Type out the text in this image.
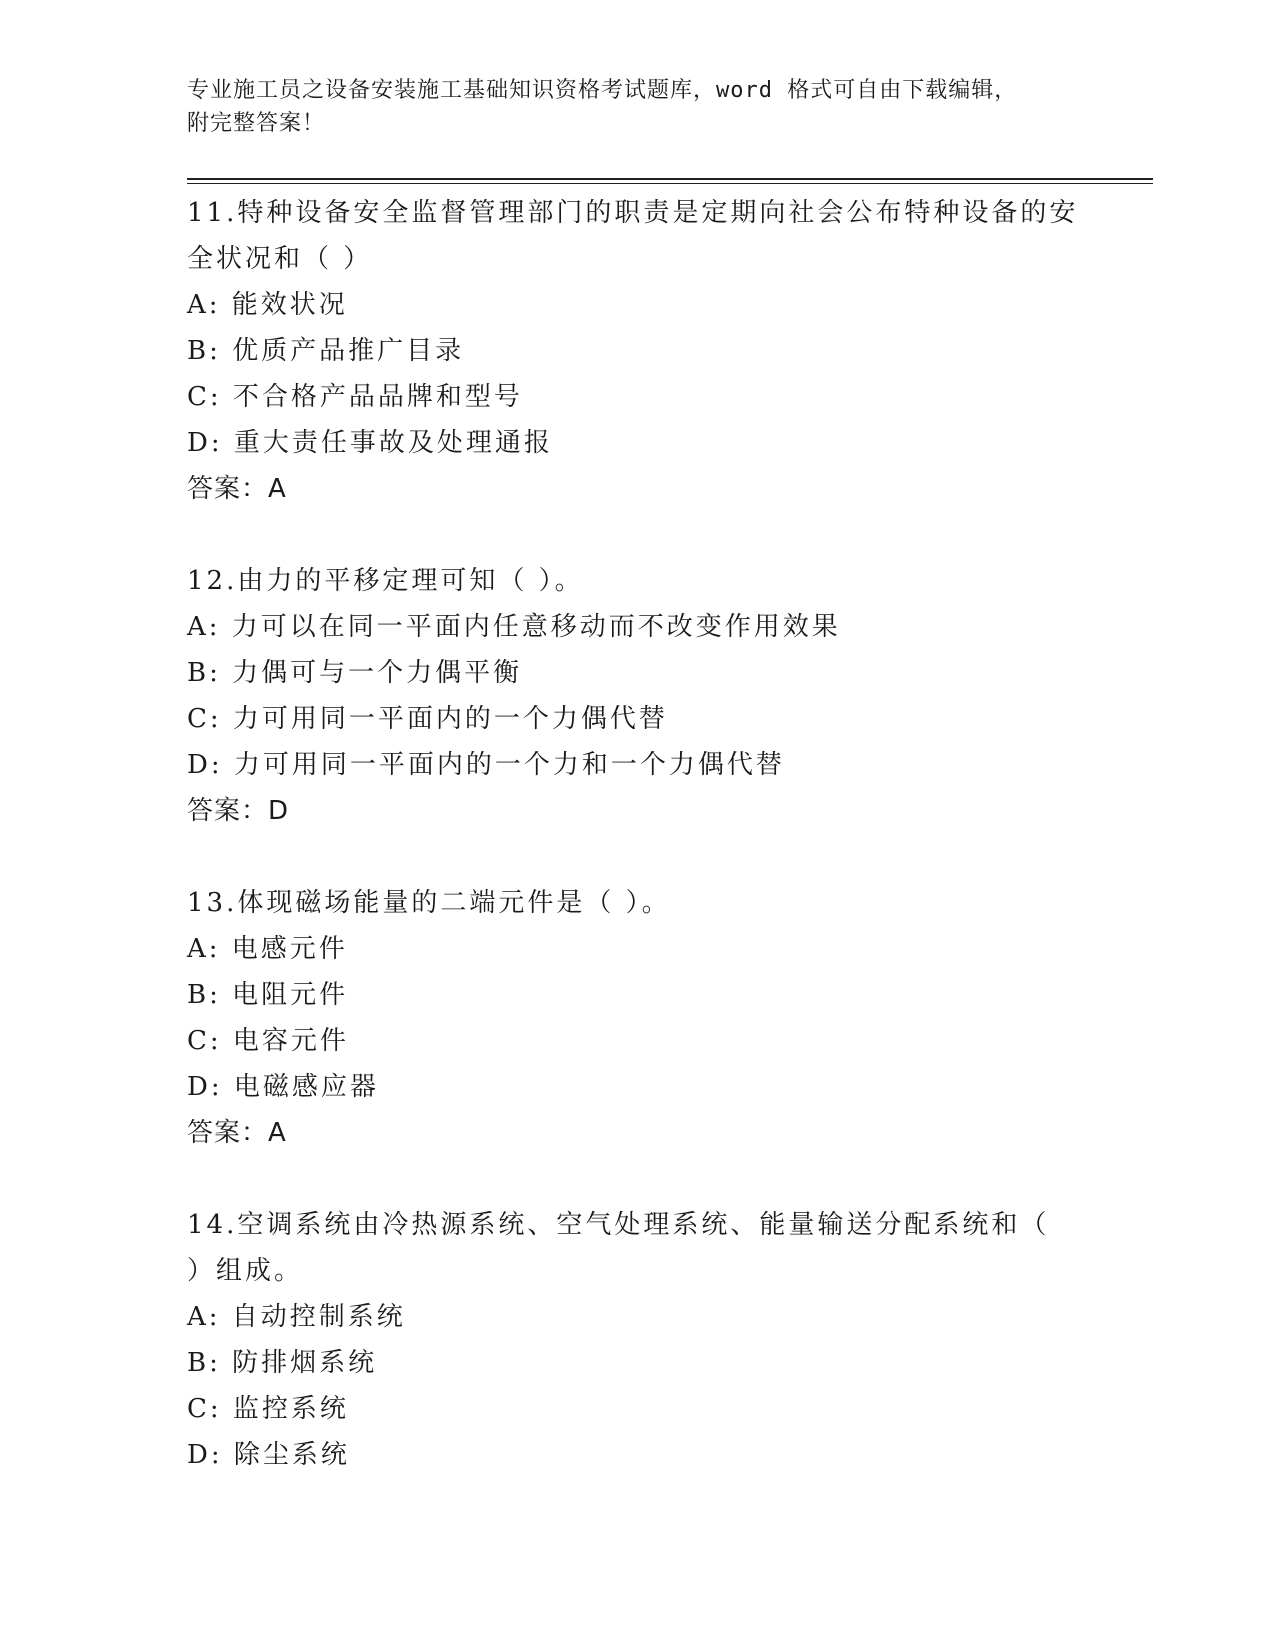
专业施工员之设备安装施工基础知识资格考试题库，word 格式可自由下载编辑，
附完整答案！
11.特种设备安全监督管理部门的职责是定期向社会公布特种设备的安
全状况和（ ）
A: 能效状况
B: 优质产品推广目录
C: 不合格产品品牌和型号
D: 重大责任事故及处理通报
答案：A
12.由力的平移定理可知（ ）。
A: 力可以在同一平面内任意移动而不改变作用效果
B: 力偶可与一个力偶平衡
C: 力可用同一平面内的一个力偶代替
D: 力可用同一平面内的一个力和一个力偶代替
答案：D
13.体现磁场能量的二端元件是（ ）。
A: 电感元件
B: 电阻元件
C: 电容元件
D: 电磁感应器
答案：A
14.空调系统由冷热源系统、空气处理系统、能量输送分配系统和（
）组成。
A: 自动控制系统
B: 防排烟系统
C: 监控系统
D: 除尘系统
